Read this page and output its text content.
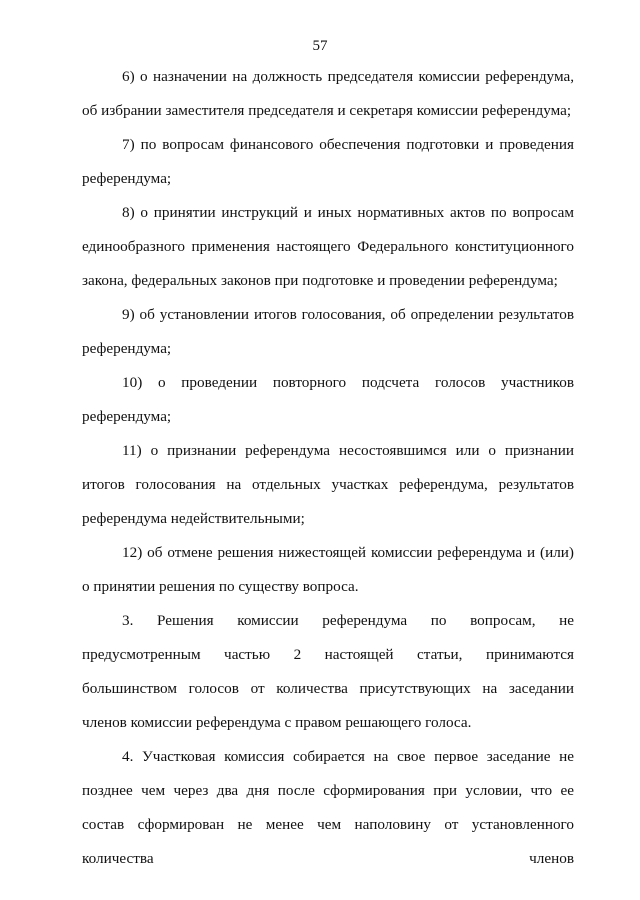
57

6) о назначении на должность председателя комиссии референдума, об избрании заместителя председателя и секретаря комиссии референдума;

7) по вопросам финансового обеспечения подготовки и проведения референдума;

8) о принятии инструкций и иных нормативных актов по вопросам единообразного применения настоящего Федерального конституционного закона, федеральных законов при подготовке и проведении референдума;

9) об установлении итогов голосования, об определении результатов референдума;

10) о проведении повторного подсчета голосов участников референдума;

11) о признании референдума несостоявшимся или о признании итогов голосования на отдельных участках референдума, результатов референдума недействительными;

12) об отмене решения нижестоящей комиссии референдума и (или) о принятии решения по существу вопроса.

3. Решения комиссии референдума по вопросам, не предусмотренным частью 2 настоящей статьи, принимаются большинством голосов от количества присутствующих на заседании членов комиссии референдума с правом решающего голоса.

4. Участковая комиссия собирается на свое первое заседание не позднее чем через два дня после сформирования при условии, что ее состав сформирован не менее чем наполовину от установленного количества членов
